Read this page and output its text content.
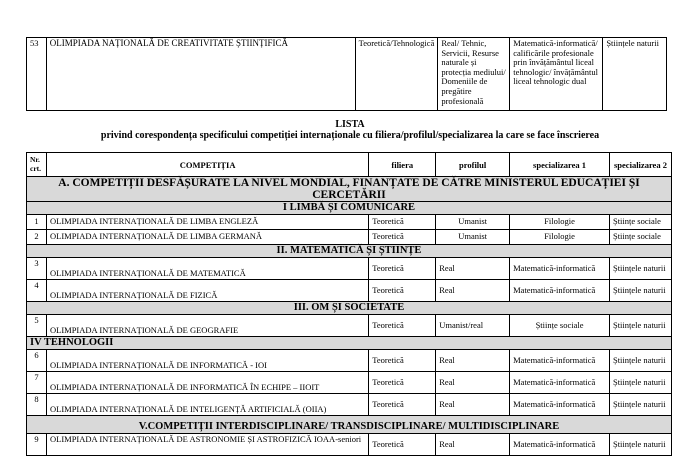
53	OLIMPIADA NAȚIONALĂ DE CREATIVITATE ȘTIINȚIFICĂ	Teoretică/Tehnologică	Real/ Tehnic, Servicii, Resurse naturale și protecția mediului/ Domeniile de pregătire profesională	Matematică-informatică/ calificările profesionale prin învățământul liceal tehnologic/ învățământul liceal tehnologic dual	Științele naturii
LISTA
privind corespondența specificului competiției internaționale cu filiera/profilul/specializarea la care se face înscrierea
Nr. crt.	COMPETIȚIA	filiera	profilul	specializarea 1	specializarea 2
A. COMPETIȚII DESFĂȘURATE LA NIVEL MONDIAL, FINANȚATE DE CĂTRE MINISTERUL EDUCAȚIEI ȘI CERCETĂRII					
I LIMBĂ ȘI COMUNICARE					
1	OLIMPIADA INTERNAȚIONALĂ DE LIMBA ENGLEZĂ	Teoretică	Umanist	Filologie	Științe sociale
2	OLIMPIADA INTERNAȚIONALĂ DE LIMBA GERMANĂ	Teoretică	Umanist	Filologie	Științe sociale
II. MATEMATICĂ ȘI ȘTIINȚE					
3	OLIMPIADA INTERNAȚIONALĂ DE MATEMATICĂ	Teoretică	Real	Matematică-informatică	Științele naturii
4	OLIMPIADA INTERNAȚIONALĂ DE FIZICĂ	Teoretică	Real	Matematică-informatică	Științele naturii
III. OM ȘI SOCIETATE					
5	OLIMPIADA INTERNAȚIONALĂ DE GEOGRAFIE	Teoretică	Umanist/real	Științe sociale	Științele naturii
IV TEHNOLOGII					
6	OLIMPIADA INTERNAȚIONALĂ DE INFORMATICĂ - IOI	Teoretică	Real	Matematică-informatică	Științele naturii
7	OLIMPIADA INTERNAȚIONALĂ DE INFORMATICĂ ÎN ECHIPE – IIOIT	Teoretică	Real	Matematică-informatică	Științele naturii
8	OLIMPIADA INTERNAȚIONALĂ DE INTELIGENȚĂ ARTIFICIALĂ (OIIA)	Teoretică	Real	Matematică-informatică	Științele naturii
V.COMPETIȚII INTERDISCIPLINARE/ TRANSDISCIPLINARE/ MULTIDISCIPLINARE					
9	OLIMPIADA INTERNAȚIONALĂ DE ASTRONOMIE ȘI ASTROFIZICĂ IOAA-seniori	Teoretică	Real	Matematică-informatică	Științele naturii
